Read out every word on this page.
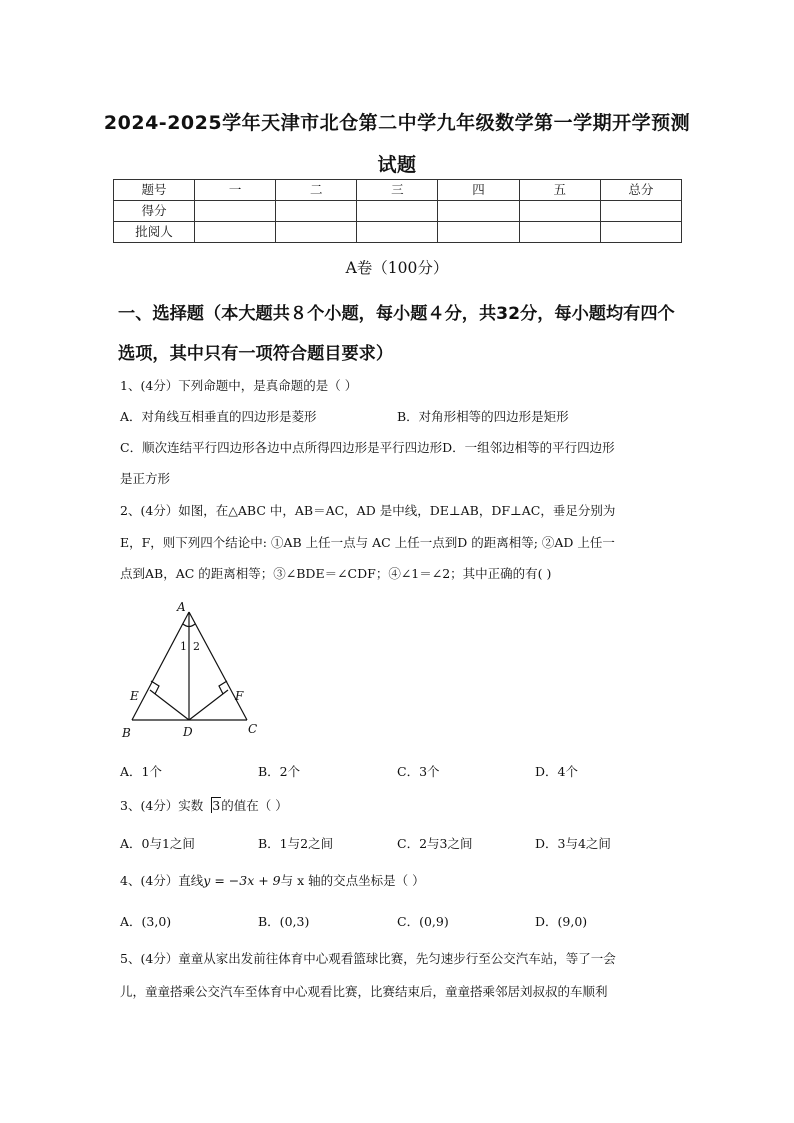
2024-2025学年天津市北仓第二中学九年级数学第一学期开学预测
试题
题号	一	二	三	四	五	总分
得分						
批阅人						

A卷（100分）

一、选择题（本大题共８个小题，每小题４分，共32分，每小题均有四个选项，其中只有一项符合题目要求）

1、(4分）下列命题中，是真命题的是（ ）

A．对角线互相垂直的四边形是菱形	B．对角形相等的四边形是矩形

C．顺次连结平行四边形各边中点所得四边形是平行四边形D．一组邻边相等的平行四边形

是正方形

2、(4分）如图，在△ABC 中，AB＝AC，AD 是中线，DE⊥AB，DF⊥AC，垂足分别为

E，F，则下列四个结论中: ①AB 上任一点与 AC 上任一点到D 的距离相等; ②AD 上任一

点到AB，AC 的距离相等；③∠BDE＝∠CDF；④∠1＝∠2；其中正确的有( )

A
B	C
D
E	F
1 2
A．1个	B．2个	C．3个	D．4个

3、(4分）实数 3的值在（ ）

A．0与1之间	B．1与2之间	C．2与3之间	D．3与4之间

4、(4分）直线y = −3x + 9与 x 轴的交点坐标是（ ）

A．(3,0)	B．(0,3)	C．(0,9)	D．(9,0)

5、(4分）童童从家出发前往体育中心观看篮球比赛，先匀速步行至公交汽车站，等了一会

儿，童童搭乘公交汽车至体育中心观看比赛，比赛结束后，童童搭乘邻居刘叔叔的车顺利
